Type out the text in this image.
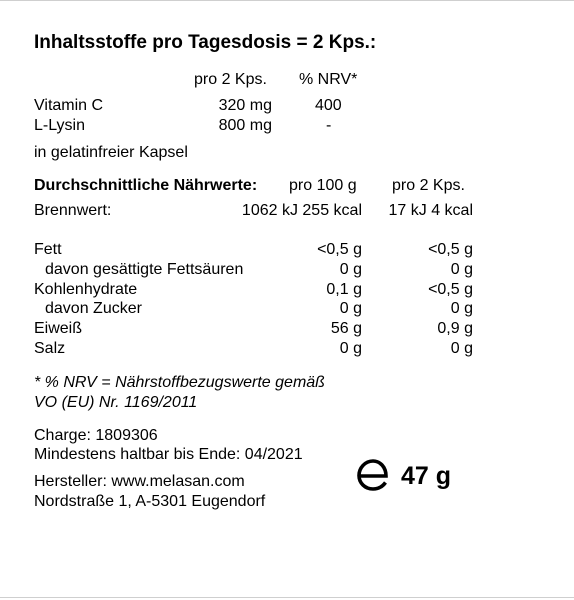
Inhaltsstoffe pro Tagesdosis = 2 Kps.:
pro 2 Kps. % NRV*
Vitamin C	320 mg	400
L-Lysin	800 mg	-
in gelatinfreier Kapsel
Durchschnittliche Nährwerte: pro 100 g pro 2 Kps.
Brennwert:	1062 kJ 255 kcal	17 kJ 4 kcal
Fett	<0,5 g	<0,5 g
davon gesättigte Fettsäuren	0 g	0 g
Kohlenhydrate	0,1 g	<0,5 g
davon Zucker	0 g	0 g
Eiweiß	56 g	0,9 g
Salz	0 g	0 g
* % NRV = Nährstoffbezugswerte gemäß
VO (EU) Nr. 1169/2011
Charge: 1809306
Mindestens haltbar bis Ende: 04/2021
Hersteller: www.melasan.com
Nordstraße 1, A-5301 Eugendorf
47 g
